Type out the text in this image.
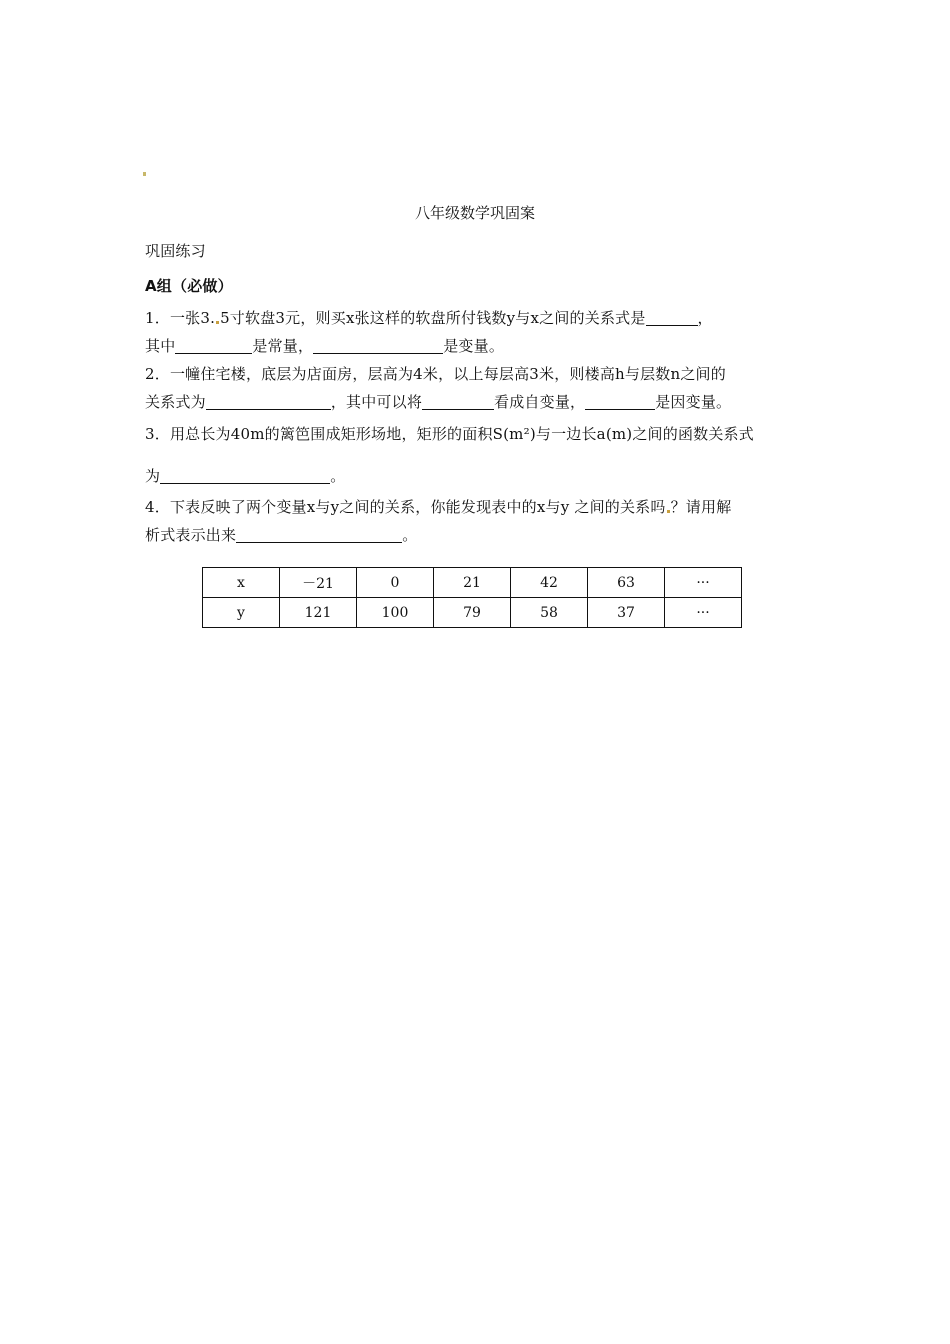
八年级数学巩固案
巩固练习
A组（必做）
1．一张3. 5寸软盘3元，则买x张这样的软盘所付钱数y与x之间的关系式是	，
其中	是常量，	是变量。
2．一幢住宅楼，底层为店面房，层高为4米，以上每层高3米，则楼高h与层数n之间的
关系式为	，其中可以将	看成自变量，	是因变量。
3．用总长为40m的篱笆围成矩形场地，矩形的面积S(m²)与一边长a(m)之间的函数关系式
为	。
4．下表反映了两个变量x与y之间的关系，你能发现表中的x与y 之间的关系吗 ？请用解
析式表示出来	。
x	－21	0	21	42	63	···
y	121	100	79	58	37	···
